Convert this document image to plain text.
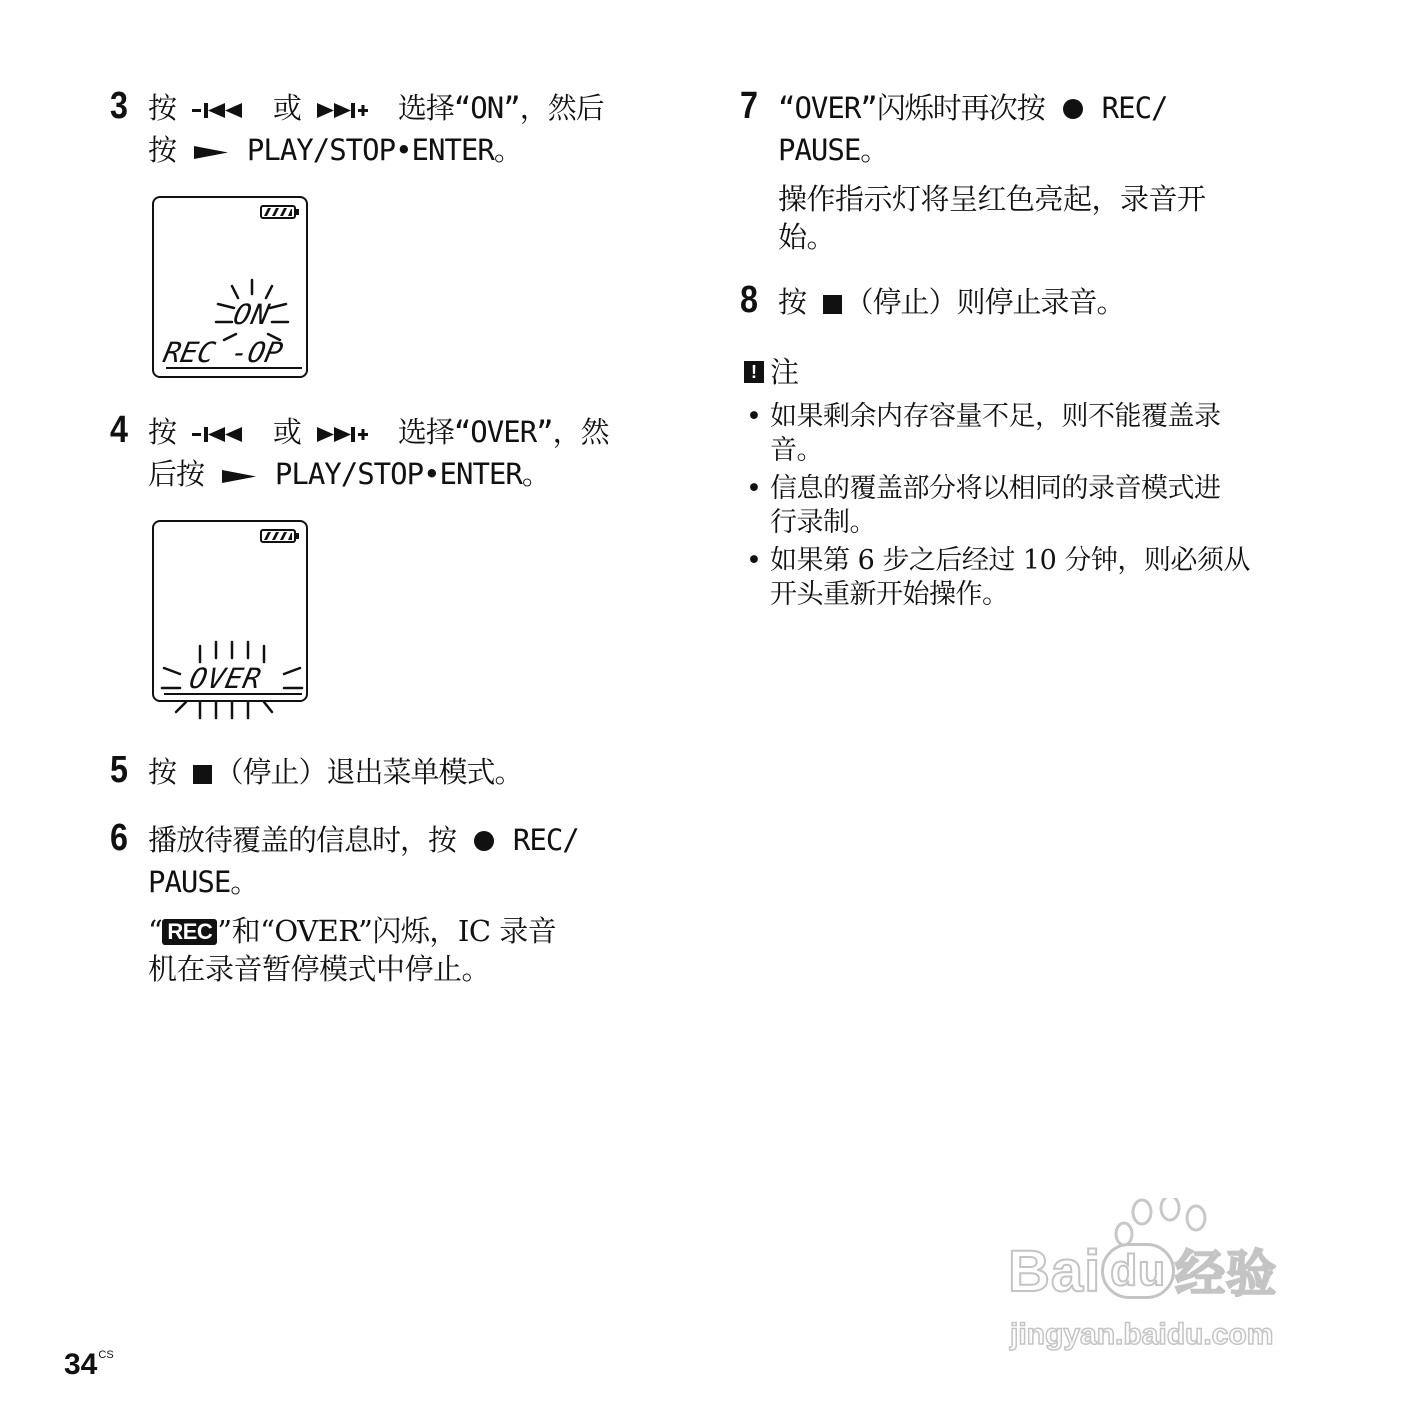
3 按  或  选择“ON”，然后
按  PLAY/STOP•ENTER。
ON
REC -OP
4 按  或  选择“OVER”，然
后按  PLAY/STOP•ENTER。
OVER
5 按 （停止）退出菜单模式。
6 播放待覆盖的信息时，按  REC/
PAUSE。
“ REC ”和“OVER”闪烁，IC 录音
机在录音暂停模式中停止。
7 “OVER”闪烁时再次按  REC/
PAUSE。
操作指示灯将呈红色亮起，录音开
始。
8 按 （停止）则停止录音。
! 注
• 如果剩余内存容量不足，则不能覆盖录
音。
• 信息的覆盖部分将以相同的录音模式进
行录制。
• 如果第 6 步之后经过 10 分钟，则必须从
开头重新开始操作。
$34^{CS}$
Bai du 经验
jingyan.baidu.com
